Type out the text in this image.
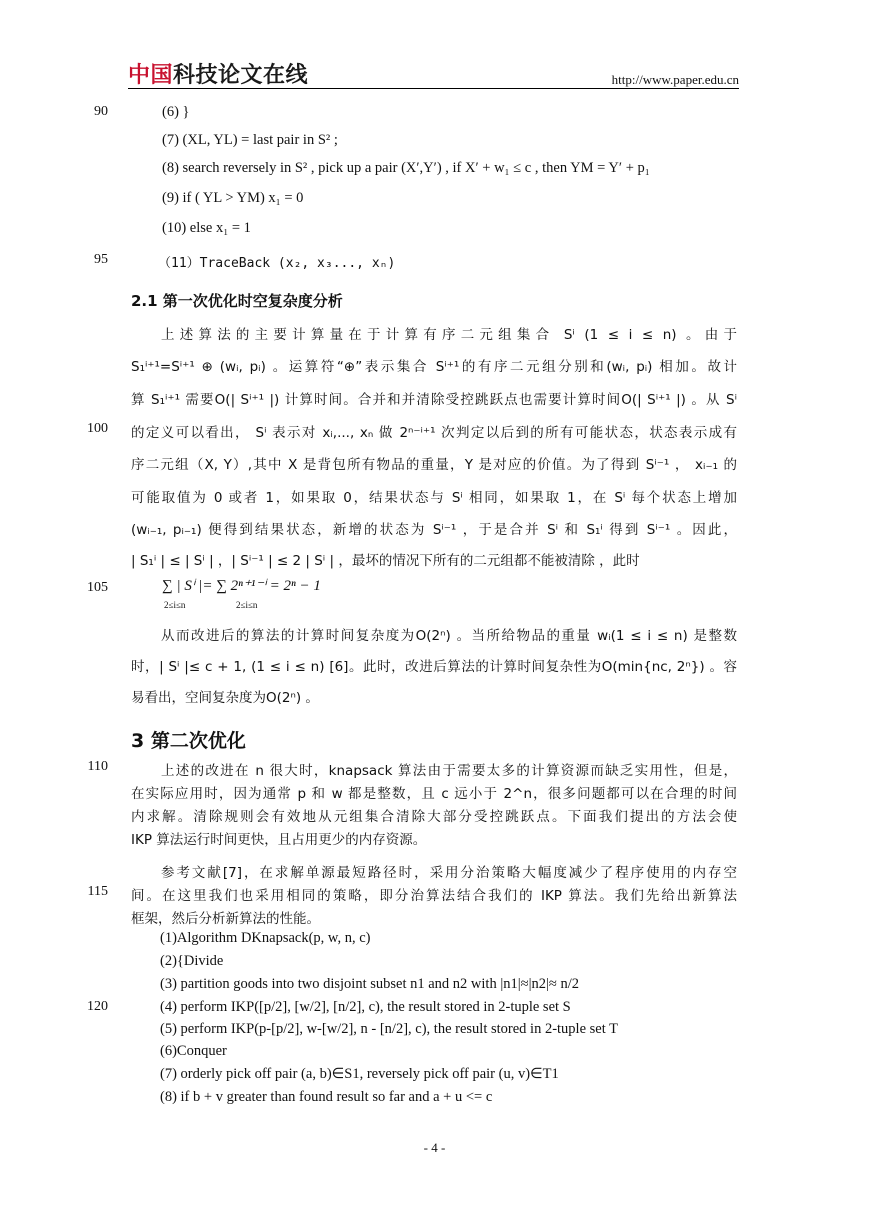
中国科技论文在线	http://www.paper.edu.cn
90
95
100
105
110
115
120
(6) }
(7) (XL, YL) = last pair in S² ;
(8) search reversely in S² , pick up a pair (X′,Y′) , if X′ + w₁ ≤ c , then YM = Y′ + p₁
(9) if ( YL > YM) x₁ = 0
(10) else x₁ = 1
（11）TraceBack (x₂, x₃..., xₙ)
2.1 第一次优化时空复杂度分析
上述算法的主要计算量在于计算有序二元组集合 Sⁱ (1 ≤ i ≤ n) 。由于
S₁ⁱ⁺¹=Sⁱ⁺¹ ⊕ (wᵢ, pᵢ) 。运算符“⊕”表示集合 Sⁱ⁺¹的有序二元组分别和(wᵢ, pᵢ) 相加。故计
算 S₁ⁱ⁺¹ 需要O(| Sⁱ⁺¹ |) 计算时间。合并和并清除受控跳跃点也需要计算时间O(| Sⁱ⁺¹ |) 。从 Sⁱ
的定义可以看出， Sⁱ 表示对 xᵢ,..., xₙ 做 2ⁿ⁻ⁱ⁺¹ 次判定以后到的所有可能状态，状态表示成有
序二元组（X, Y）,其中 X 是背包所有物品的重量，Y 是对应的价值。为了得到 Sⁱ⁻¹ ， xᵢ₋₁ 的
可能取值为 0 或者 1，如果取 0，结果状态与 Sⁱ 相同，如果取 1，在 Sⁱ 每个状态上增加
(wᵢ₋₁, pᵢ₋₁) 便得到结果状态，新增的状态为 Sⁱ⁻¹ ，于是合并 Sⁱ 和 S₁ⁱ 得到 Sⁱ⁻¹ 。因此，
| S₁ⁱ | ≤ | Sⁱ | ，| Sⁱ⁻¹ | ≤ 2 | Sⁱ | ，最坏的情况下所有的二元组都不能被清除 ，此时
∑ | Sⁱ |= ∑ 2ⁿ⁺¹⁻ⁱ = 2ⁿ − 1
2≤i≤n	2≤i≤n
从而改进后的算法的计算时间复杂度为O(2ⁿ) 。当所给物品的重量 wᵢ(1 ≤ i ≤ n) 是整数
时，| Sⁱ |≤ c + 1, (1 ≤ i ≤ n) [6]。此时，改进后算法的计算时间复杂性为O(min{nc, 2ⁿ}) 。容
易看出，空间复杂度为O(2ⁿ) 。
3 第二次优化
上述的改进在 n 很大时，knapsack 算法由于需要太多的计算资源而缺乏实用性，但是，
在实际应用时，因为通常 p 和 w 都是整数，且 c 远小于 2^n，很多问题都可以在合理的时间
内求解。清除规则会有效地从元组集合清除大部分受控跳跃点。下面我们提出的方法会使
IKP 算法运行时间更快，且占用更少的内存资源。
参考文献[7]，在求解单源最短路径时，采用分治策略大幅度减少了程序使用的内存空
间。在这里我们也采用相同的策略，即分治算法结合我们的 IKP 算法。我们先给出新算法
框架，然后分析新算法的性能。
(1)Algorithm DKnapsack(p, w, n, c)
(2){Divide
(3) partition goods into two disjoint subset n1 and n2 with |n1|≈|n2|≈ n/2
(4) perform IKP([p/2], [w/2], [n/2], c), the result stored in 2-tuple set S
(5) perform IKP(p-[p/2], w-[w/2], n - [n/2], c), the result stored in 2-tuple set T
(6)Conquer
(7) orderly pick off pair (a, b)∈S1, reversely pick off pair (u, v)∈T1
(8) if b + v greater than found result so far and a + u <= c
- 4 -
